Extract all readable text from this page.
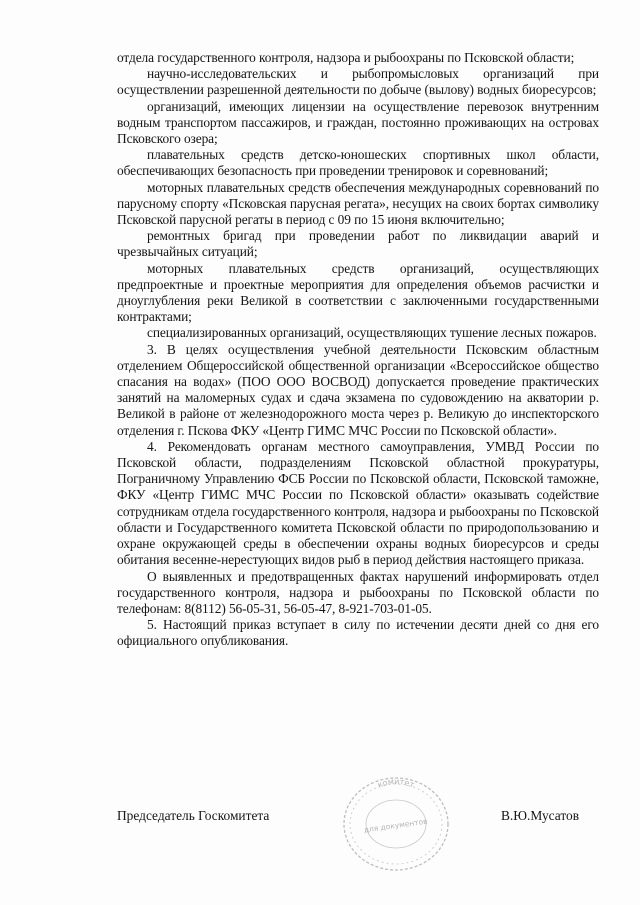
отдела государственного контроля, надзора и рыбоохраны по Псковской области;

научно-исследовательских и рыбопромысловых организаций при осуществлении разрешенной деятельности по добыче (вылову) водных биоресурсов;

организаций, имеющих лицензии на осуществление перевозок внутренним водным транспортом пассажиров, и граждан, постоянно проживающих на островах Псковского озера;

плавательных средств детско-юношеских спортивных школ области, обеспечивающих безопасность при проведении тренировок и соревнований;

моторных плавательных средств обеспечения международных соревнований по парусному спорту «Псковская парусная регата», несущих на своих бортах символику Псковской парусной регаты в период с 09 по 15 июня включительно;

ремонтных бригад при проведении работ по ликвидации аварий и чрезвычайных ситуаций;

моторных плавательных средств организаций, осуществляющих предпроектные и проектные мероприятия для определения объемов расчистки и дноуглубления реки Великой в соответствии с заключенными государственными контрактами;

специализированных организаций, осуществляющих тушение лесных пожаров.

3. В целях осуществления учебной деятельности Псковским областным отделением Общероссийской общественной организации «Всероссийское общество спасания на водах» (ПОО ООО ВОСВОД) допускается проведение практических занятий на маломерных судах и сдача экзамена по судовождению на акватории р. Великой в районе от железнодорожного моста через р. Великую до инспекторского отделения г. Пскова ФКУ «Центр ГИМС МЧС России по Псковской области».

4. Рекомендовать органам местного самоуправления, УМВД России по Псковской области, подразделениям Псковской областной прокуратуры, Пограничному Управлению ФСБ России по Псковской области, Псковской таможне, ФКУ «Центр ГИМС МЧС России по Псковской области» оказывать содействие сотрудникам отдела государственного контроля, надзора и рыбоохраны по Псковской области и Государственного комитета Псковской области по природопользованию и охране окружающей среды в обеспечении охраны водных биоресурсов и среды обитания весенне-нерестующих видов рыб в период действия настоящего приказа.

О выявленных и предотвращенных фактах нарушений информировать отдел государственного контроля, надзора и рыбоохраны по Псковской области по телефонам: 8(8112) 56-05-31, 56-05-47, 8-921-703-01-05.

5. Настоящий приказ вступает в силу по истечении десяти дней со дня его официального опубликования.

комитет
для документов
Председатель Госкомитета	В.Ю.Мусатов
